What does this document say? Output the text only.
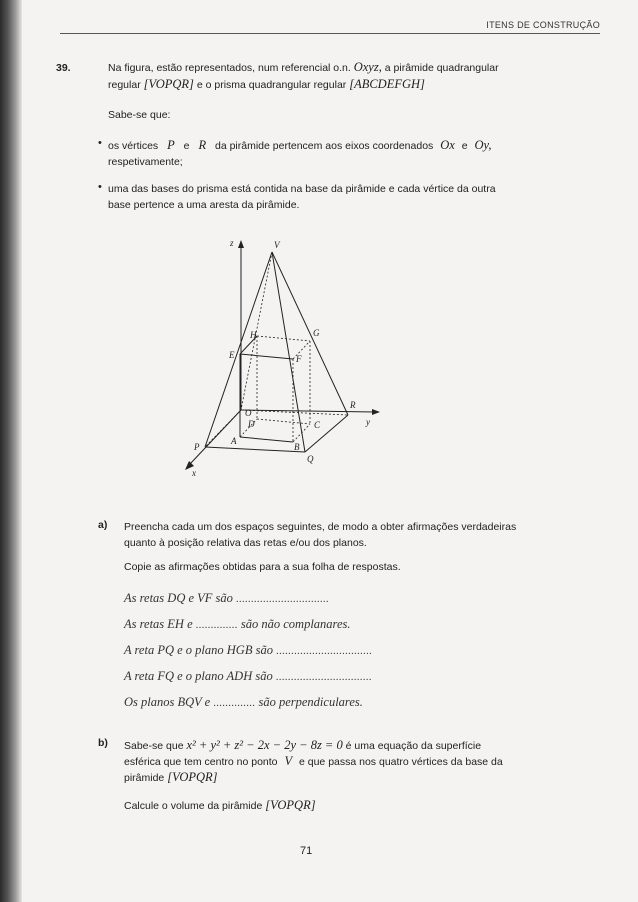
ITENS DE CONSTRUÇÃO
39.	Na figura, estão representados, num referencial o.n. Oxyz, a pirâmide quadrangular
regular [VOPQR] e o prisma quadrangular regular [ABCDEFGH]
Sabe-se que:
• os vértices P e R da pirâmide pertencem aos eixos coordenados Ox e Oy,
respetivamente;
• uma das bases do prisma está contida na base da pirâmide e cada vértice da outra
base pertence a uma aresta da pirâmide.
z	V
H	G
E	F
O
R
D	C	y
P
A
B
Q
x
a) Preencha cada um dos espaços seguintes, de modo a obter afirmações verdadeiras
quanto à posição relativa das retas e/ou dos planos.
Copie as afirmações obtidas para a sua folha de respostas.
As retas DQ e VF são ...............................
As retas EH e .............. são não complanares.
A reta PQ e o plano HGB são ................................
A reta FQ e o plano ADH são ................................
Os planos BQV e .............. são perpendiculares.
b) Sabe-se que x² + y² + z² − 2x − 2y − 8z = 0 é uma equação da superfície
esférica que tem centro no ponto V e que passa nos quatro vértices da base da
pirâmide [VOPQR]
Calcule o volume da pirâmide [VOPQR]
71
